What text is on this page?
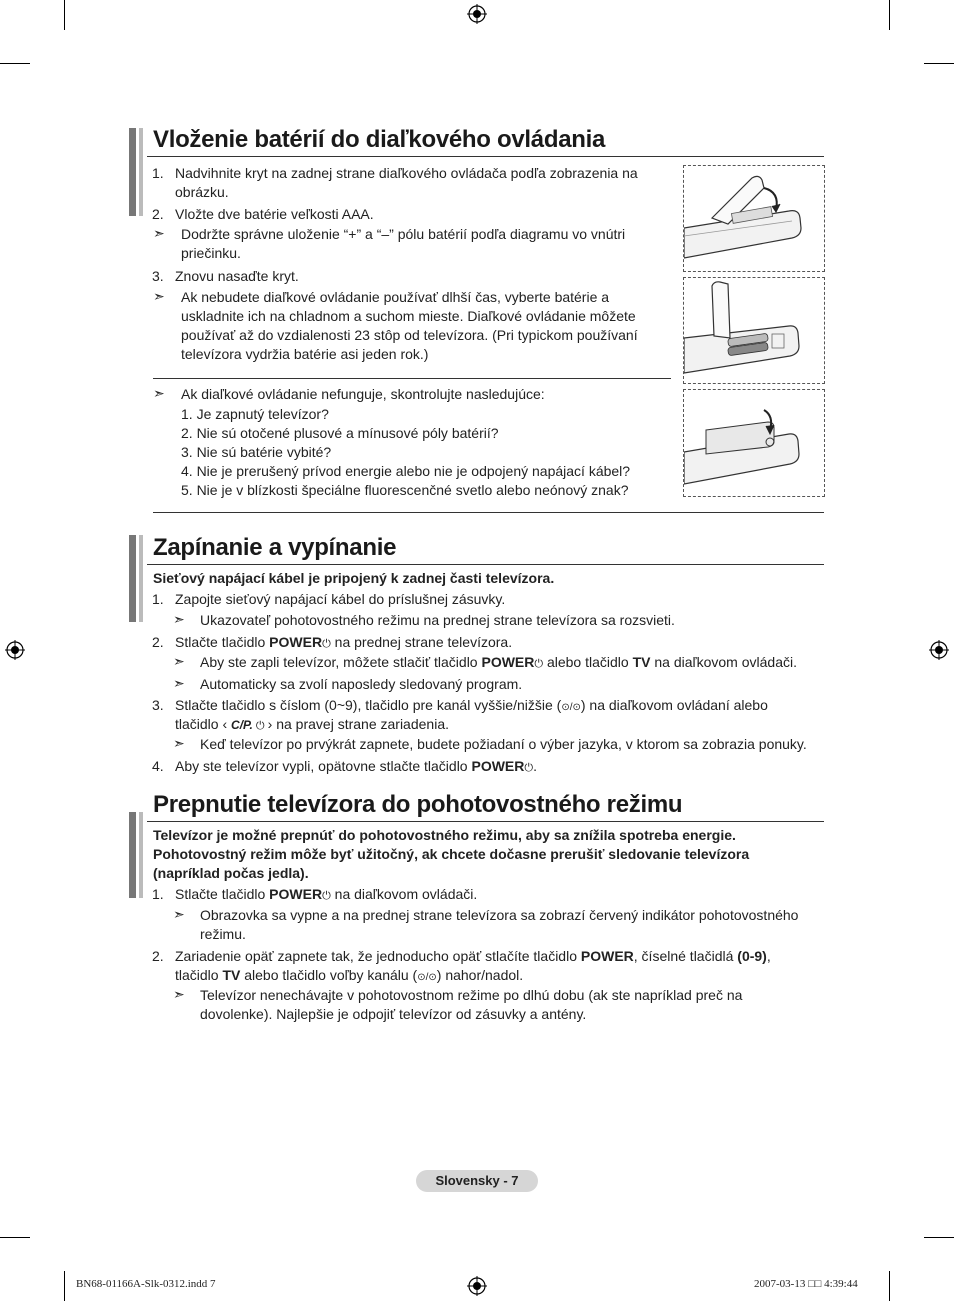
Vloženie batérií do diaľkového ovládania
1. Nadvihnite kryt na zadnej strane diaľkového ovládača podľa zobrazenia na obrázku.

2. Vložte dve batérie veľkosti AAA.

➣ Dodržte správne uloženie “+” a “–” pólu batérií podľa diagramu vo vnútri priečinku.

3. Znovu nasaďte kryt.

➣ Ak nebudete diaľkové ovládanie používať dlhší čas, vyberte batérie a uskladnite ich na chladnom a suchom mieste. Diaľkové ovládanie môžete používať až do vzdialenosti 23 stôp od televízora. (Pri typickom používaní televízora vydržia batérie asi jeden rok.)

➣ Ak diaľkové ovládanie nefunguje, skontrolujte nasledujúce:

1. Je zapnutý televízor?

2. Nie sú otočené plusové a mínusové póly batérií?

3. Nie sú batérie vybité?

4. Nie je prerušený prívod energie alebo nie je odpojený napájací kábel?

5. Nie je v blízkosti špeciálne fluorescenčné svetlo alebo neónový znak?

Zapínanie a vypínanie

Sieťový napájací kábel je pripojený k zadnej časti televízora.

1. Zapojte sieťový napájací kábel do príslušnej zásuvky.

➣ Ukazovateľ pohotovostného režimu na prednej strane televízora sa rozsvieti.

2. Stlačte tlačidlo POWER⏻ na prednej strane televízora.

➣ Aby ste zapli televízor, môžete stlačiť tlačidlo POWER⏻ alebo tlačidlo TV na diaľkovom ovládači.

➣ Automaticky sa zvolí naposledy sledovaný program.

3. Stlačte tlačidlo s číslom (0~9), tlačidlo pre kanál vyššie/nižšie (⊙/⊙) na diaľkovom ovládaní alebo

tlačidlo ‹ C/P. ⏻ › na pravej strane zariadenia.

➣ Keď televízor po prvýkrát zapnete, budete požiadaní o výber jazyka, v ktorom sa zobrazia ponuky.

4. Aby ste televízor vypli, opätovne stlačte tlačidlo POWER⏻.

Prepnutie televízora do pohotovostného režimu

Televízor je možné prepnúť do pohotovostného režimu, aby sa znížila spotreba energie.

Pohotovostný režim môže byť užitočný, ak chcete dočasne prerušiť sledovanie televízora

(napríklad počas jedla).

1. Stlačte tlačidlo POWER⏻ na diaľkovom ovládači.

➣ Obrazovka sa vypne a na prednej strane televízora sa zobrazí červený indikátor pohotovostného režimu.

2. Zariadenie opäť zapnete tak, že jednoducho opäť stlačíte tlačidlo POWER, číselné tlačidlá (0-9),

tlačidlo TV alebo tlačidlo voľby kanálu (⊙/⊙) nahor/nadol.

➣ Televízor nenechávajte v pohotovostnom režime po dlhú dobu (ak ste napríklad preč na dovolenke). Najlepšie je odpojiť televízor od zásuvky a antény.

Slovensky - 7
BN68-01166A-Slk-0312.indd 7	2007-03-13 □□ 4:39:44
